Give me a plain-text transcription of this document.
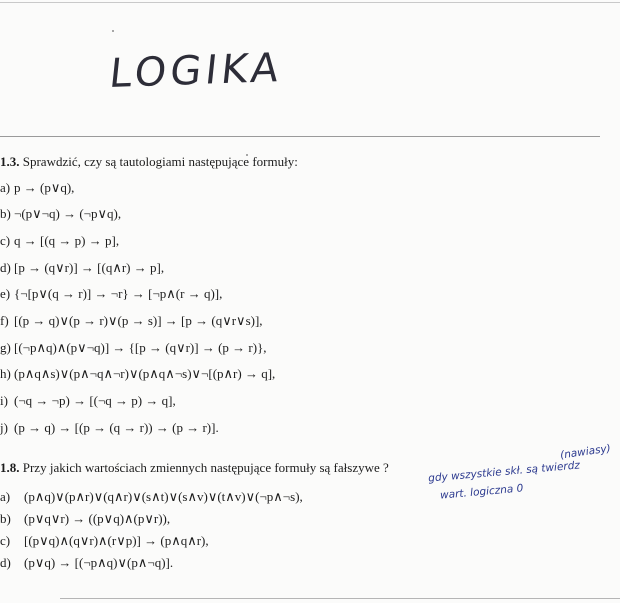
LOGIKA
1.3. Sprawdzić, czy są tautologiami następujące formuły:
a) p → (p∨q),
b) ¬(p∨¬q) → (¬p∨q),
c) q → [(q → p) → p],
d) [p → (q∨r)] → [(q∧r) → p],
e) {¬[p∨(q → r)] → ¬r} → [¬p∧(r → q)],
f) [(p → q)∨(p → r)∨(p → s)] → [p → (q∨r∨s)],
g) [(¬p∧q)∧(p∨¬q)] → {[p → (q∨r)] → (p → r)},
h) (p∧q∧s)∨(p∧¬q∧¬r)∨(p∧q∧¬s)∨¬[(p∧r) → q],
i) (¬q → ¬p) → [(¬q → p) → q],
j) (p → q) → [(p → (q → r)) → (p → r)].
1.8. Przy jakich wartościach zmiennych następujące formuły są fałszywe ?
a) (p∧q)∨(p∧r)∨(q∧r)∨(s∧t)∨(s∧v)∨(t∧v)∨(¬p∧¬s),
b) (p∨q∨r) → ((p∨q)∧(p∨r)),
c) [(p∨q)∧(q∨r)∧(r∨p)] → (p∧q∧r),
d) (p∨q) → [(¬p∧q)∨(p∧¬q)].
(nawiasy)
gdy wszystkie skł. są twierdz
wart. logiczna 0
